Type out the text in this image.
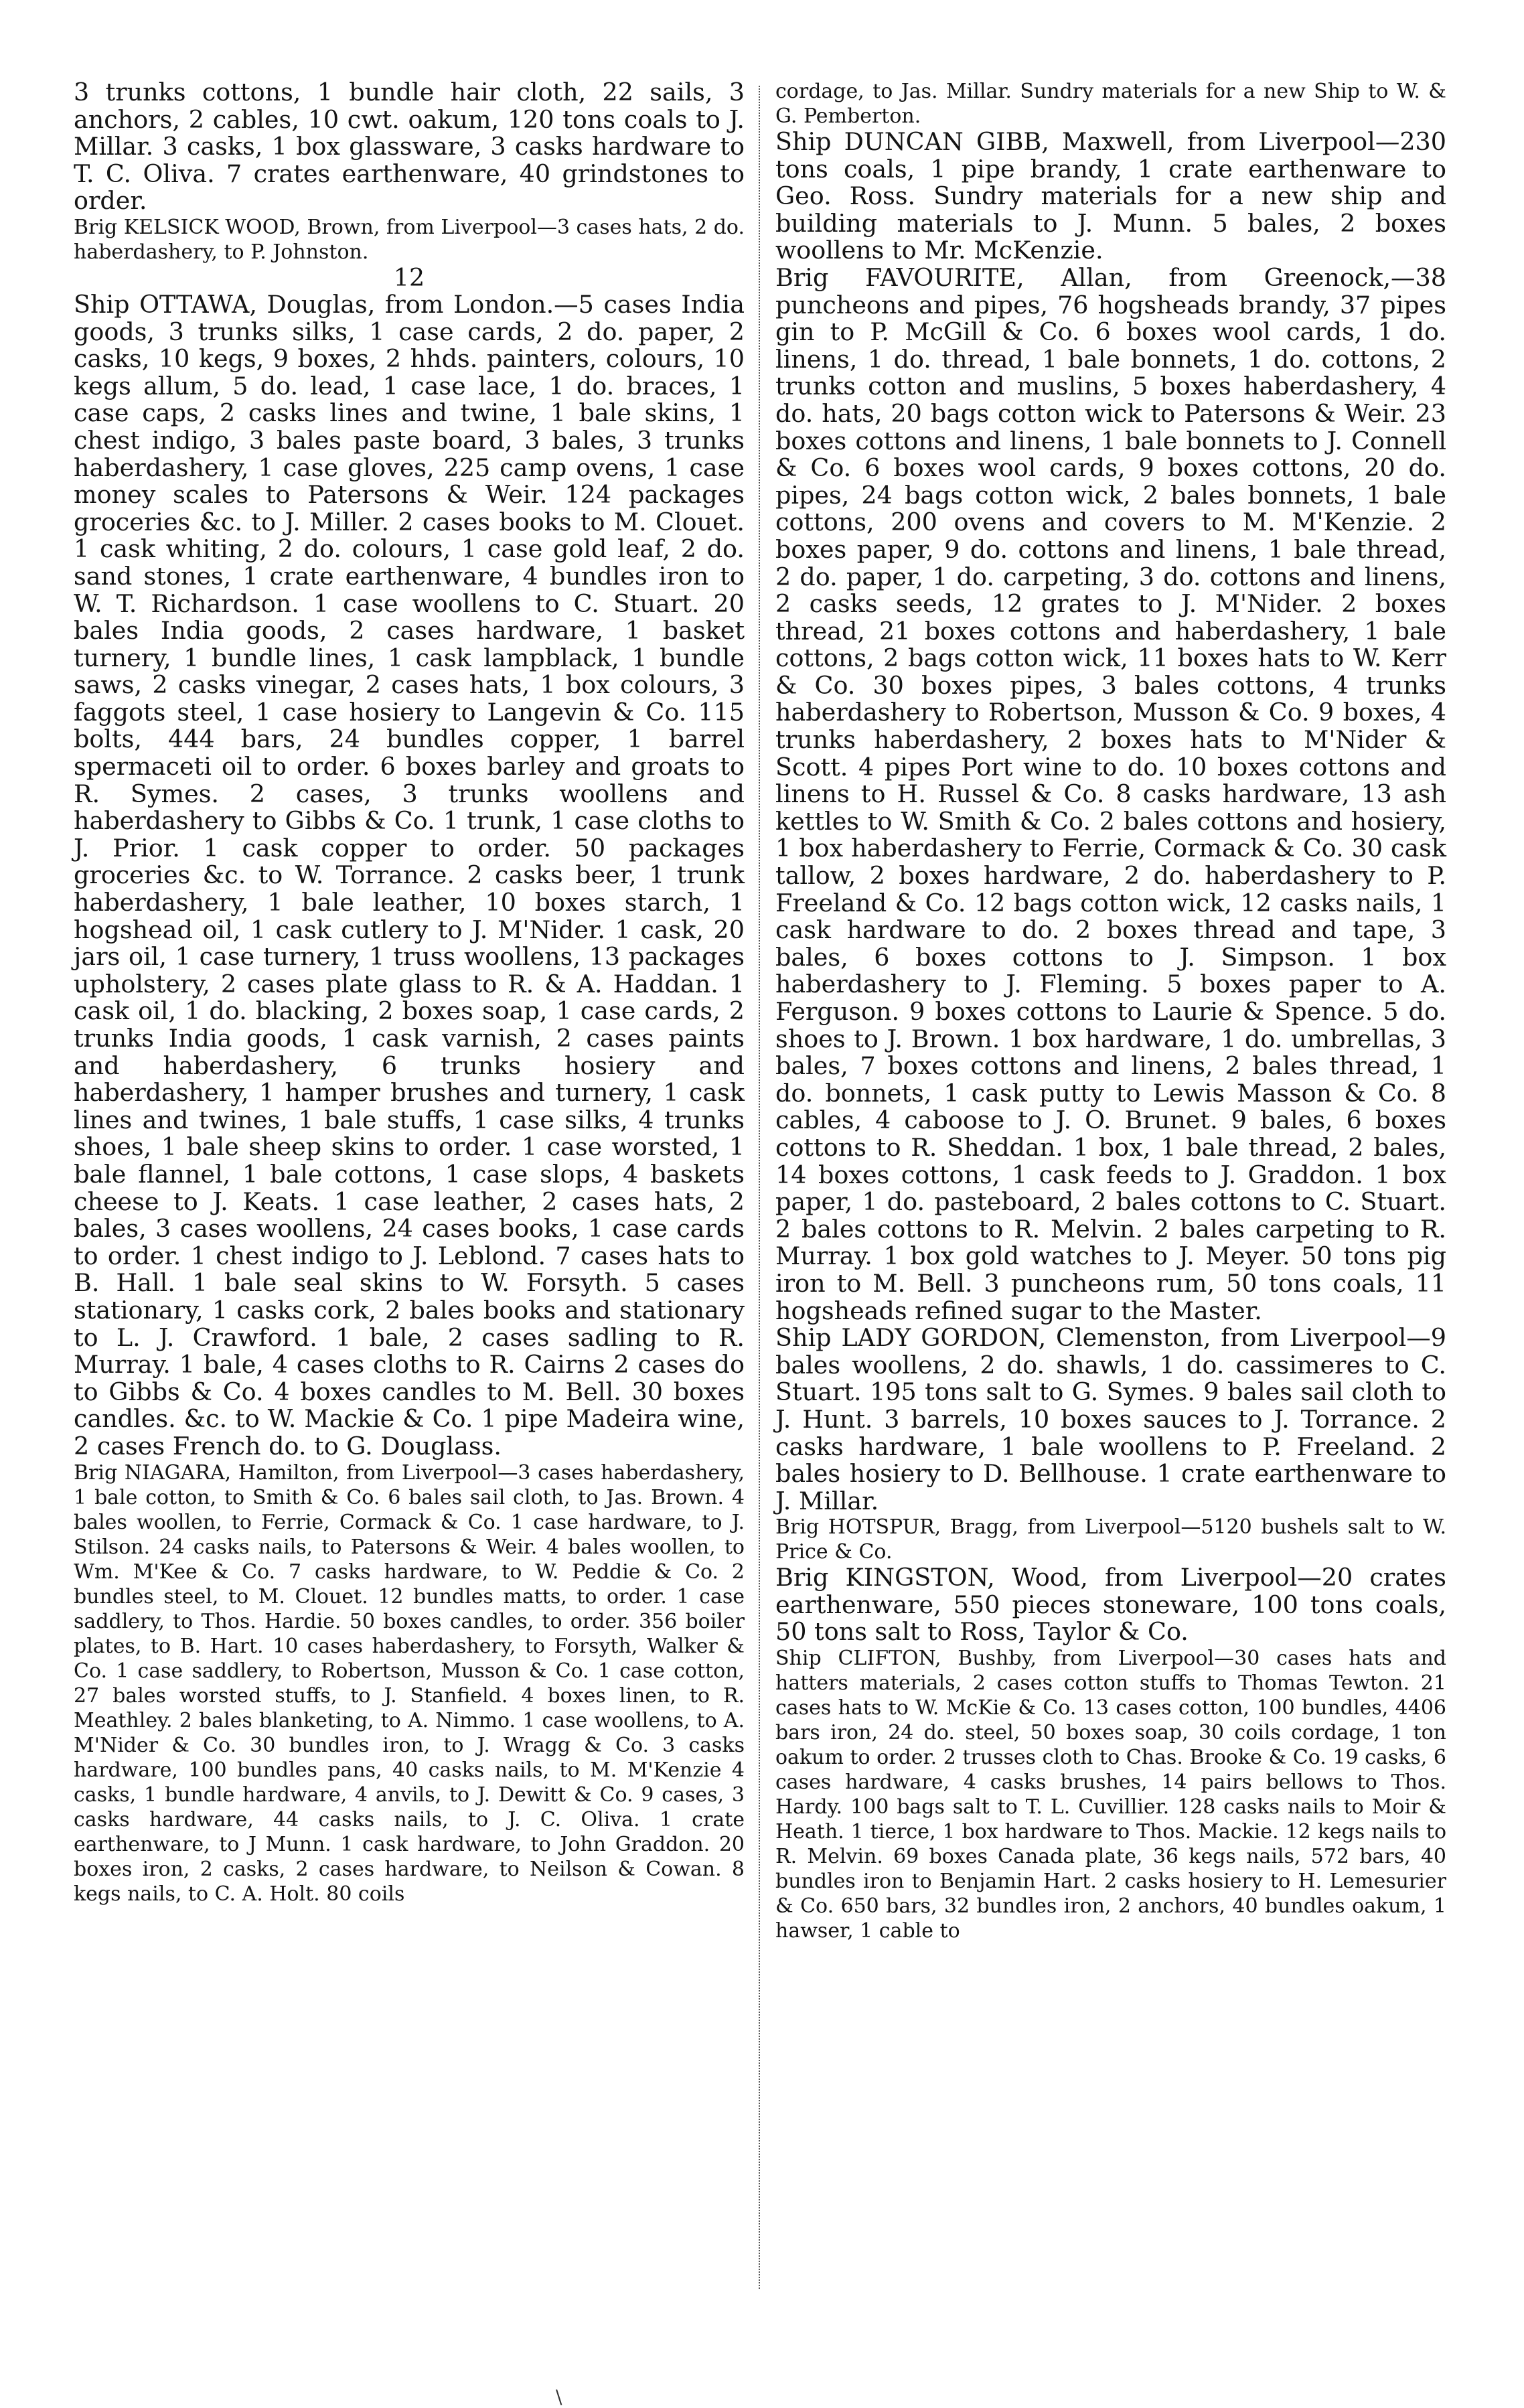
3 trunks cottons, 1 bundle hair cloth, 22 sails, 3 anchors, 2 cables, 10 cwt. oakum, 120 tons coals to J. Millar. 3 casks, 1 box glassware, 3 casks hardware to T. C. Oliva. 7 crates earthenware, 40 grindstones to order.

Brig KELSICK WOOD, Brown, from Liverpool—3 cases hats, 2 do. haberdashery, to P. Johnston.

12

Ship OTTAWA, Douglas, from London.—5 cases India goods, 3 trunks silks, 1 case cards, 2 do. paper, 2 casks, 10 kegs, 9 boxes, 2 hhds. painters, colours, 10 kegs allum, 5 do. lead, 1 case lace, 1 do. braces, 1 case caps, 2 casks lines and twine, 1 bale skins, 1 chest indigo, 3 bales paste board, 3 bales, 3 trunks haberdashery, 1 case gloves, 225 camp ovens, 1 case money scales to Patersons & Weir. 124 packages groceries &c. to J. Miller. 2 cases books to M. Clouet. 1 cask whiting, 2 do. colours, 1 case gold leaf, 2 do. sand stones, 1 crate earthenware, 4 bundles iron to W. T. Richardson. 1 case woollens to C. Stuart. 20 bales India goods, 2 cases hardware, 1 basket turnery, 1 bundle lines, 1 cask lampblack, 1 bundle saws, 2 casks vinegar, 2 cases hats, 1 box colours, 3 faggots steel, 1 case hosiery to Langevin & Co. 115 bolts, 444 bars, 24 bundles copper, 1 barrel spermaceti oil to order. 6 boxes barley and groats to R. Symes. 2 cases, 3 trunks woollens and haberdashery to Gibbs & Co. 1 trunk, 1 case cloths to J. Prior. 1 cask copper to order. 50 packages groceries &c. to W. Torrance. 2 casks beer, 1 trunk haberdashery, 1 bale leather, 10 boxes starch, 1 hogshead oil, 1 cask cutlery to J. M'Nider. 1 cask, 20 jars oil, 1 case turnery, 1 truss woollens, 13 packages upholstery, 2 cases plate glass to R. & A. Haddan. 1 cask oil, 1 do. blacking, 2 boxes soap, 1 case cards, 2 trunks India goods, 1 cask varnish, 2 cases paints and haberdashery, 6 trunks hosiery and haberdashery, 1 hamper brushes and turnery, 1 cask lines and twines, 1 bale stuffs, 1 case silks, 4 trunks shoes, 1 bale sheep skins to order. 1 case worsted, 1 bale flannel, 1 bale cottons, 1 case slops, 4 baskets cheese to J. Keats. 1 case leather, 2 cases hats, 2 bales, 3 cases woollens, 24 cases books, 1 case cards to order. 1 chest indigo to J. Leblond. 7 cases hats to B. Hall. 1 bale seal skins to W. Forsyth. 5 cases stationary, 1 casks cork, 2 bales books and stationary to L. J. Crawford. 1 bale, 2 cases sadling to R. Murray. 1 bale, 4 cases cloths to R. Cairns 2 cases do to Gibbs & Co. 4 boxes candles to M. Bell. 30 boxes candles. &c. to W. Mackie & Co. 1 pipe Madeira wine, 2 cases French do. to G. Douglass.

Brig NIAGARA, Hamilton, from Liverpool—3 cases haberdashery, 1 bale cotton, to Smith & Co. 6 bales sail cloth, to Jas. Brown. 4 bales woollen, to Ferrie, Cormack & Co. 1 case hardware, to J. Stilson. 24 casks nails, to Patersons & Weir. 4 bales woollen, to Wm. M'Kee & Co. 7 casks hardware, to W. Peddie & Co. 2 bundles steel, to M. Clouet. 12 bundles matts, to order. 1 case saddlery, to Thos. Hardie. 50 boxes candles, to order. 356 boiler plates, to B. Hart. 10 cases haberdashery, to Forsyth, Walker & Co. 1 case saddlery, to Robertson, Musson & Co. 1 case cotton, 27 bales worsted stuffs, to J. Stanfield. 4 boxes linen, to R. Meathley. 2 bales blanketing, to A. Nimmo. 1 case woollens, to A. M'Nider & Co. 30 bundles iron, to J. Wragg & Co. 3 casks hardware, 100 bundles pans, 40 casks nails, to M. M'Kenzie 4 casks, 1 bundle hardware, 4 anvils, to J. Dewitt & Co. 9 cases, 3 casks hardware, 44 casks nails, to J. C. Oliva. 1 crate earthenware, to J Munn. 1 cask hardware, to John Graddon. 20 boxes iron, 2 casks, 2 cases hardware, to Neilson & Cowan. 8 kegs nails, to C. A. Holt. 80 coils

cordage, to Jas. Millar. Sundry materials for a new Ship to W. & G. Pemberton.

Ship DUNCAN GIBB, Maxwell, from Liverpool—230 tons coals, 1 pipe brandy, 1 crate earthenware to Geo. Ross. Sundry materials for a new ship and building materials to J. Munn. 5 bales, 2 boxes woollens to Mr. McKenzie.

Brig FAVOURITE, Allan, from Greenock,—38 puncheons and pipes, 76 hogsheads brandy, 37 pipes gin to P. McGill & Co. 6 boxes wool cards, 1 do. linens, 1 do. thread, 1 bale bonnets, 1 do. cottons, 2 trunks cotton and muslins, 5 boxes haberdashery, 4 do. hats, 20 bags cotton wick to Patersons & Weir. 23 boxes cottons and linens, 1 bale bonnets to J. Connell & Co. 6 boxes wool cards, 9 boxes cottons, 20 do. pipes, 24 bags cotton wick, 2 bales bonnets, 1 bale cottons, 200 ovens and covers to M. M'Kenzie. 2 boxes paper, 9 do. cottons and linens, 1 bale thread, 2 do. paper, 1 do. carpeting, 3 do. cottons and linens, 2 casks seeds, 12 grates to J. M'Nider. 2 boxes thread, 21 boxes cottons and haberdashery, 1 bale cottons, 2 bags cotton wick, 11 boxes hats to W. Kerr & Co. 30 boxes pipes, 3 bales cottons, 4 trunks haberdashery to Robertson, Musson & Co. 9 boxes, 4 trunks haberdashery, 2 boxes hats to M'Nider & Scott. 4 pipes Port wine to do. 10 boxes cottons and linens to H. Russel & Co. 8 casks hardware, 13 ash kettles to W. Smith & Co. 2 bales cottons and hosiery, 1 box haberdashery to Ferrie, Cormack & Co. 30 cask tallow, 2 boxes hardware, 2 do. haberdashery to P. Freeland & Co. 12 bags cotton wick, 12 casks nails, 1 cask hardware to do. 2 boxes thread and tape, 3 bales, 6 boxes cottons to J. Simpson. 1 box haberdashery to J. Fleming. 5 boxes paper to A. Ferguson. 9 boxes cottons to Laurie & Spence. 5 do. shoes to J. Brown. 1 box hardware, 1 do. umbrellas, 3 bales, 7 boxes cottons and linens, 2 bales thread, 1 do. bonnets, 1 cask putty to Lewis Masson & Co. 8 cables, 4 caboose to J. O. Brunet. 9 bales, 6 boxes cottons to R. Sheddan. 1 box, 1 bale thread, 2 bales, 14 boxes cottons, 1 cask feeds to J. Graddon. 1 box paper, 1 do. pasteboard, 2 bales cottons to C. Stuart. 2 bales cottons to R. Melvin. 2 bales carpeting to R. Murray. 1 box gold watches to J. Meyer. 50 tons pig iron to M. Bell. 3 puncheons rum, 50 tons coals, 11 hogsheads refined sugar to the Master.

Ship LADY GORDON, Clemenston, from Liverpool—9 bales woollens, 2 do. shawls, 1 do. cassimeres to C. Stuart. 195 tons salt to G. Symes. 9 bales sail cloth to J. Hunt. 3 barrels, 10 boxes sauces to J. Torrance. 2 casks hardware, 1 bale woollens to P. Freeland. 2 bales hosiery to D. Bellhouse. 1 crate earthenware to J. Millar.

Brig HOTSPUR, Bragg, from Liverpool—5120 bushels salt to W. Price & Co.

Brig KINGSTON, Wood, from Liverpool—20 crates earthenware, 550 pieces stoneware, 100 tons coals, 50 tons salt to Ross, Taylor & Co.

Ship CLIFTON, Bushby, from Liverpool—30 cases hats and hatters materials, 2 cases cotton stuffs to Thomas Tewton. 21 cases hats to W. McKie & Co. 13 cases cotton, 100 bundles, 4406 bars iron, 24 do. steel, 50 boxes soap, 30 coils cordage, 1 ton oakum to order. 2 trusses cloth to Chas. Brooke & Co. 19 casks, 6 cases hardware, 4 casks brushes, 14 pairs bellows to Thos. Hardy. 100 bags salt to T. L. Cuvillier. 128 casks nails to Moir & Heath. 1 tierce, 1 box hardware to Thos. Mackie. 12 kegs nails to R. Melvin. 69 boxes Canada plate, 36 kegs nails, 572 bars, 40 bundles iron to Benjamin Hart. 2 casks hosiery to H. Lemesurier & Co. 650 bars, 32 bundles iron, 2 anchors, 40 bundles oakum, 1 hawser, 1 cable to

\
